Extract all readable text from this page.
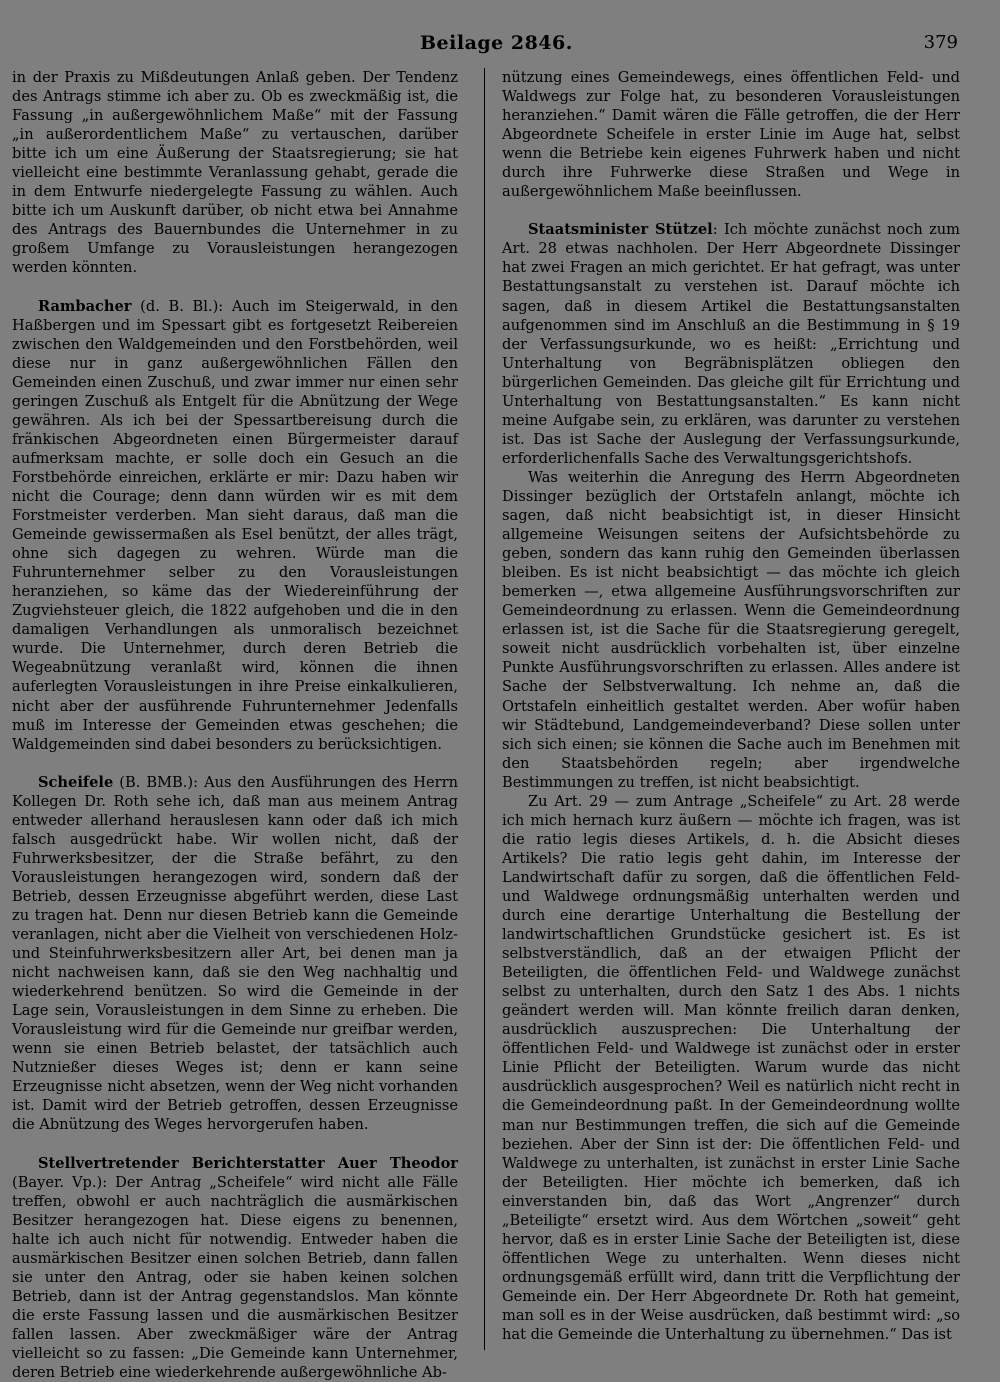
Beilage 2846.	379

in der Praxis zu Mißdeutungen Anlaß geben. Der Tendenz des Antrags stimme ich aber zu. Ob es zweckmäßig ist, die Fassung „in außergewöhnlichem Maße“ mit der Fassung „in außerordentlichem Maße“ zu vertauschen, darüber bitte ich um eine Äußerung der Staatsregierung; sie hat vielleicht eine bestimmte Veranlassung gehabt, gerade die in dem Entwurfe niedergelegte Fassung zu wählen. Auch bitte ich um Auskunft darüber, ob nicht etwa bei Annahme des Antrags des Bauernbundes die Unternehmer in zu großem Umfange zu Vorausleistungen herangezogen werden könnten.

Rambacher (d. B. Bl.): Auch im Steigerwald, in den Haßbergen und im Spessart gibt es fortgesetzt Reibereien zwischen den Waldgemeinden und den Forstbehörden, weil diese nur in ganz außergewöhnlichen Fällen den Gemeinden einen Zuschuß, und zwar immer nur einen sehr geringen Zuschuß als Entgelt für die Abnützung der Wege gewähren. Als ich bei der Spessartbereisung durch die fränkischen Abgeordneten einen Bürgermeister darauf aufmerksam machte, er solle doch ein Gesuch an die Forstbehörde einreichen, erklärte er mir: Dazu haben wir nicht die Courage; denn dann würden wir es mit dem Forstmeister verderben. Man sieht daraus, daß man die Gemeinde gewissermaßen als Esel benützt, der alles trägt, ohne sich dagegen zu wehren. Würde man die Fuhrunternehmer selber zu den Vorausleistungen heranziehen, so käme das der Wiedereinführung der Zugviehsteuer gleich, die 1822 aufgehoben und die in den damaligen Verhandlungen als unmoralisch bezeichnet wurde. Die Unternehmer, durch deren Betrieb die Wegeabnützung veranlaßt wird, können die ihnen auferlegten Vorausleistungen in ihre Preise einkalkulieren, nicht aber der ausführende Fuhrunternehmer Jedenfalls muß im Interesse der Gemeinden etwas geschehen; die Waldgemeinden sind dabei besonders zu berücksichtigen.

Scheifele (B. BMB.): Aus den Ausführungen des Herrn Kollegen Dr. Roth sehe ich, daß man aus meinem Antrag entweder allerhand herauslesen kann oder daß ich mich falsch ausgedrückt habe. Wir wollen nicht, daß der Fuhrwerksbesitzer, der die Straße befährt, zu den Vorausleistungen herangezogen wird, sondern daß der Betrieb, dessen Erzeugnisse abgeführt werden, diese Last zu tragen hat. Denn nur diesen Betrieb kann die Gemeinde veranlagen, nicht aber die Vielheit von verschiedenen Holz- und Steinfuhrwerksbesitzern aller Art, bei denen man ja nicht nachweisen kann, daß sie den Weg nachhaltig und wiederkehrend benützen. So wird die Gemeinde in der Lage sein, Vorausleistungen in dem Sinne zu erheben. Die Vorausleistung wird für die Gemeinde nur greifbar werden, wenn sie einen Betrieb belastet, der tatsächlich auch Nutznießer dieses Weges ist; denn er kann seine Erzeugnisse nicht absetzen, wenn der Weg nicht vorhanden ist. Damit wird der Betrieb getroffen, dessen Erzeugnisse die Abnützung des Weges hervorgerufen haben.

Stellvertretender Berichterstatter Auer Theodor (Bayer. Vp.): Der Antrag „Scheifele“ wird nicht alle Fälle treffen, obwohl er auch nachträglich die ausmärkischen Besitzer herangezogen hat. Diese eigens zu benennen, halte ich auch nicht für notwendig. Entweder haben die ausmärkischen Besitzer einen solchen Betrieb, dann fallen sie unter den Antrag, oder sie haben keinen solchen Betrieb, dann ist der Antrag gegenstandslos. Man könnte die erste Fassung lassen und die ausmärkischen Besitzer fallen lassen. Aber zweckmäßiger wäre der Antrag vielleicht so zu fassen: „Die Gemeinde kann Unternehmer, deren Betrieb eine wiederkehrende außergewöhnliche Ab-

nützung eines Gemeindewegs, eines öffentlichen Feld- und Waldwegs zur Folge hat, zu besonderen Vorausleistungen heranziehen.“ Damit wären die Fälle getroffen, die der Herr Abgeordnete Scheifele in erster Linie im Auge hat, selbst wenn die Betriebe kein eigenes Fuhrwerk haben und nicht durch ihre Fuhrwerke diese Straßen und Wege in außergewöhnlichem Maße beeinflussen.

Staatsminister Stützel: Ich möchte zunächst noch zum Art. 28 etwas nachholen. Der Herr Abgeordnete Dissinger hat zwei Fragen an mich gerichtet. Er hat gefragt, was unter Bestattungsanstalt zu verstehen ist. Darauf möchte ich sagen, daß in diesem Artikel die Bestattungsanstalten aufgenommen sind im Anschluß an die Bestimmung in § 19 der Verfassungsurkunde, wo es heißt: „Errichtung und Unterhaltung von Begräbnisplätzen obliegen den bürgerlichen Gemeinden. Das gleiche gilt für Errichtung und Unterhaltung von Bestattungsanstalten.“ Es kann nicht meine Aufgabe sein, zu erklären, was darunter zu verstehen ist. Das ist Sache der Auslegung der Verfassungsurkunde, erforderlichenfalls Sache des Verwaltungsgerichtshofs.

Was weiterhin die Anregung des Herrn Abgeordneten Dissinger bezüglich der Ortstafeln anlangt, möchte ich sagen, daß nicht beabsichtigt ist, in dieser Hinsicht allgemeine Weisungen seitens der Aufsichtsbehörde zu geben, sondern das kann ruhig den Gemeinden überlassen bleiben. Es ist nicht beabsichtigt — das möchte ich gleich bemerken —, etwa allgemeine Ausführungsvorschriften zur Gemeindeordnung zu erlassen. Wenn die Gemeindeordnung erlassen ist, ist die Sache für die Staatsregierung geregelt, soweit nicht ausdrücklich vorbehalten ist, über einzelne Punkte Ausführungsvorschriften zu erlassen. Alles andere ist Sache der Selbstverwaltung. Ich nehme an, daß die Ortstafeln einheitlich gestaltet werden. Aber wofür haben wir Städtebund, Landgemeindeverband? Diese sollen unter sich sich einen; sie können die Sache auch im Benehmen mit den Staatsbehörden regeln; aber irgendwelche Bestimmungen zu treffen, ist nicht beabsichtigt.

Zu Art. 29 — zum Antrage „Scheifele“ zu Art. 28 werde ich mich hernach kurz äußern — möchte ich fragen, was ist die ratio legis dieses Artikels, d. h. die Absicht dieses Artikels? Die ratio legis geht dahin, im Interesse der Landwirtschaft dafür zu sorgen, daß die öffentlichen Feld- und Waldwege ordnungsmäßig unterhalten werden und durch eine derartige Unterhaltung die Bestellung der landwirtschaftlichen Grundstücke gesichert ist. Es ist selbstverständlich, daß an der etwaigen Pflicht der Beteiligten, die öffentlichen Feld- und Waldwege zunächst selbst zu unterhalten, durch den Satz 1 des Abs. 1 nichts geändert werden will. Man könnte freilich daran denken, ausdrücklich auszusprechen: Die Unterhaltung der öffentlichen Feld- und Waldwege ist zunächst oder in erster Linie Pflicht der Beteiligten. Warum wurde das nicht ausdrücklich ausgesprochen? Weil es natürlich nicht recht in die Gemeindeordnung paßt. In der Gemeindeordnung wollte man nur Bestimmungen treffen, die sich auf die Gemeinde beziehen. Aber der Sinn ist der: Die öffentlichen Feld- und Waldwege zu unterhalten, ist zunächst in erster Linie Sache der Beteiligten. Hier möchte ich bemerken, daß ich einverstanden bin, daß das Wort „Angrenzer“ durch „Beteiligte“ ersetzt wird. Aus dem Wörtchen „soweit“ geht hervor, daß es in erster Linie Sache der Beteiligten ist, diese öffentlichen Wege zu unterhalten. Wenn dieses nicht ordnungsgemäß erfüllt wird, dann tritt die Verpflichtung der Gemeinde ein. Der Herr Abgeordnete Dr. Roth hat gemeint, man soll es in der Weise ausdrücken, daß bestimmt wird: „so hat die Gemeinde die Unterhaltung zu übernehmen.“ Das ist
